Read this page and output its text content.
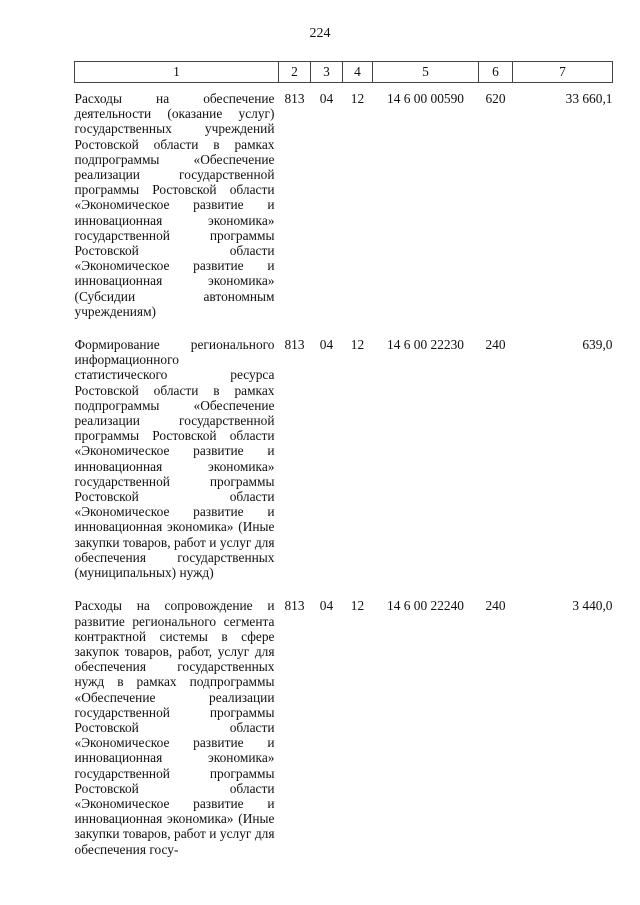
224
1	2	3	4	5	6	7
Расходы на обеспечение деятельности (оказание услуг) государственных учреждений Ростовской области в рамках подпрограммы «Обеспечение реализации государственной программы Ростовской области «Экономическое развитие и инновационная экономика» государственной программы Ростовской области «Экономическое развитие и инновационная экономика» (Субсидии автономным учреждениям)	813	04	12	14 6 00 00590	620	33 660,1
Формирование регионального информационного статистического ресурса Ростовской области в рамках подпрограммы «Обеспечение реализации государственной программы Ростовской области «Экономическое развитие и инновационная экономика» государственной программы Ростовской области «Экономическое развитие и инновационная экономика» (Иные закупки товаров, работ и услуг для обеспечения государственных (муниципальных) нужд)	813	04	12	14 6 00 22230	240	639,0
Расходы на сопровождение и развитие регионального сегмента контрактной системы в сфере закупок товаров, работ, услуг для обеспечения государственных нужд в рамках подпрограммы «Обеспечение реализации государственной программы Ростовской области «Экономическое развитие и инновационная экономика» государственной программы Ростовской области «Экономическое развитие и инновационная экономика» (Иные закупки товаров, работ и услуг для обеспечения госу-	813	04	12	14 6 00 22240	240	3 440,0
